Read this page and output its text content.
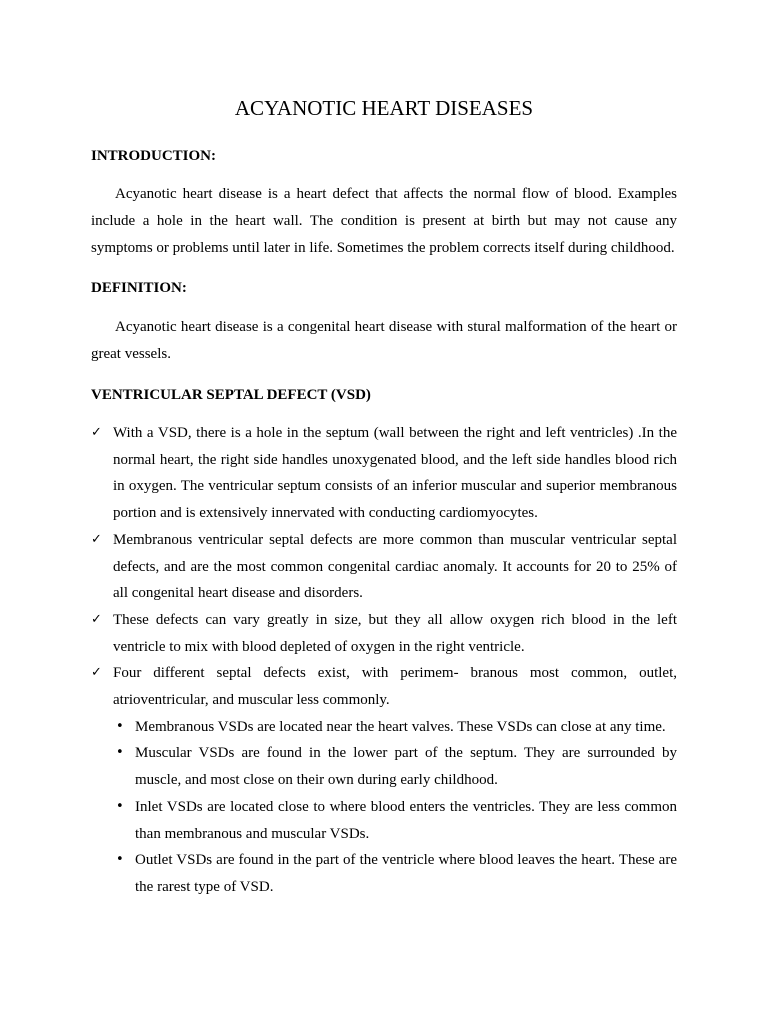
ACYANOTIC HEART DISEASES
INTRODUCTION:

Acyanotic heart disease is a heart defect that affects the normal flow of blood. Examples include a hole in the heart wall. The condition is present at birth but may not cause any symptoms or problems until later in life. Sometimes the problem corrects itself during childhood.

DEFINITION:

Acyanotic heart disease is a congenital heart disease with stural malformation of the heart or great vessels.

VENTRICULAR SEPTAL DEFECT (VSD)
✓ With a VSD, there is a hole in the septum (wall between the right and left ventricles) .In the normal heart, the right side handles unoxygenated blood, and the left side handles blood rich in oxygen. The ventricular septum consists of an inferior muscular and superior membranous portion and is extensively innervated with conducting cardiomyocytes.
✓ Membranous ventricular septal defects are more common than muscular ventricular septal defects, and are the most common congenital cardiac anomaly. It accounts for 20 to 25% of all congenital heart disease and disorders.
✓ These defects can vary greatly in size, but they all allow oxygen rich blood in the left ventricle to mix with blood depleted of oxygen in the right ventricle.
✓ Four different septal defects exist, with perimem- branous most common, outlet, atrioventricular, and muscular less commonly.
• Membranous VSDs are located near the heart valves. These VSDs can close at any time.
• Muscular VSDs are found in the lower part of the septum. They are surrounded by muscle, and most close on their own during early childhood.
• Inlet VSDs are located close to where blood enters the ventricles. They are less common than membranous and muscular VSDs.
• Outlet VSDs are found in the part of the ventricle where blood leaves the heart. These are the rarest type of VSD.
